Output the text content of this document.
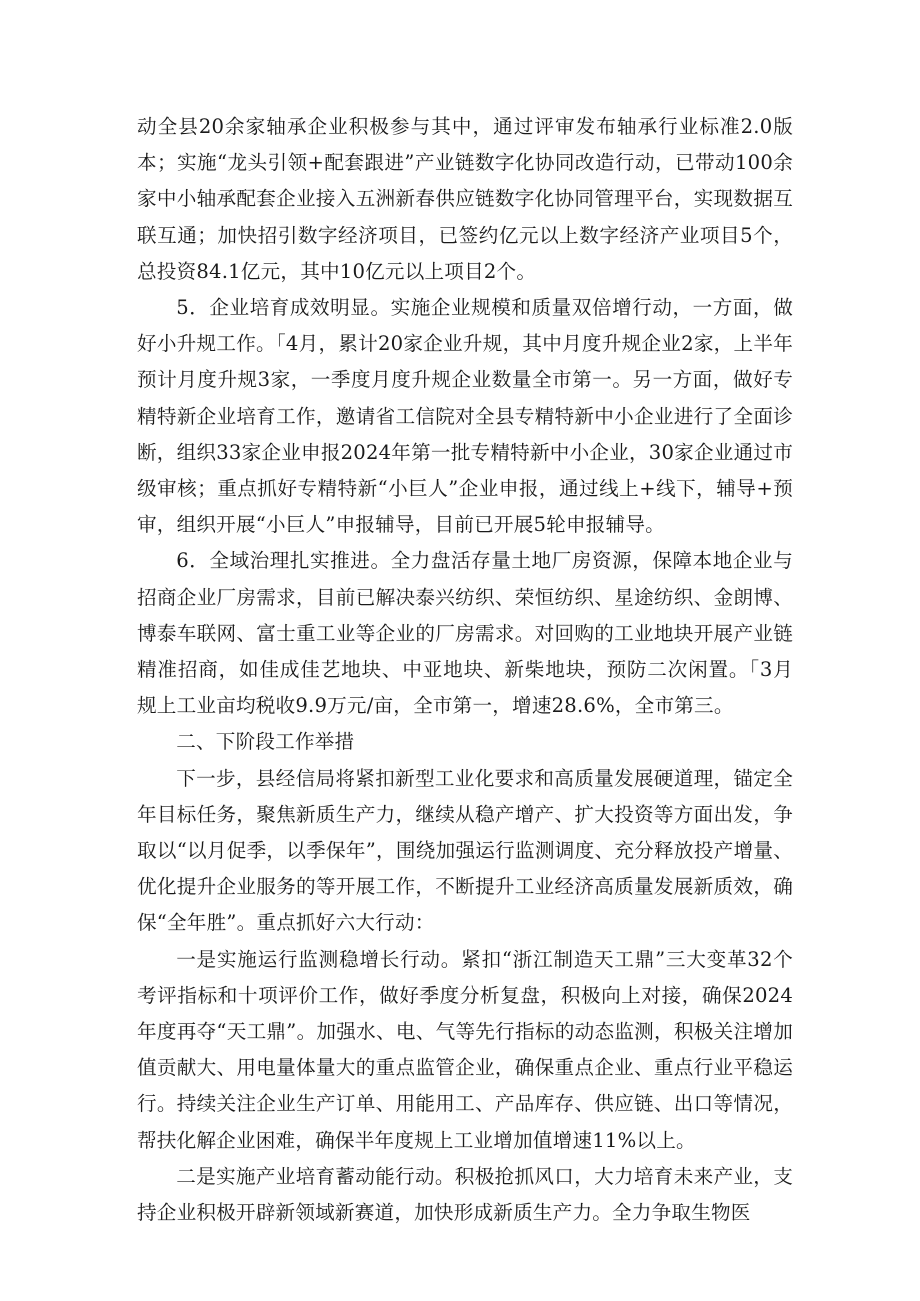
动全县20余家轴承企业积极参与其中，通过评审发布轴承行业标准2.0版本；实施“龙头引领+配套跟进”产业链数字化协同改造行动，已带动100余家中小轴承配套企业接入五洲新春供应链数字化协同管理平台，实现数据互联互通；加快招引数字经济项目，已签约亿元以上数字经济产业项目5个，总投资84.1亿元，其中10亿元以上项目2个。

5．企业培育成效明显。实施企业规模和质量双倍增行动，一方面，做好小升规工作。「4月，累计20家企业升规，其中月度升规企业2家，上半年预计月度升规3家，一季度月度升规企业数量全市第一。另一方面，做好专精特新企业培育工作，邀请省工信院对全县专精特新中小企业进行了全面诊断，组织33家企业申报2024年第一批专精特新中小企业，30家企业通过市级审核；重点抓好专精特新“小巨人”企业申报，通过线上+线下，辅导+预审，组织开展“小巨人”申报辅导，目前已开展5轮申报辅导。

6．全域治理扎实推进。全力盘活存量土地厂房资源，保障本地企业与招商企业厂房需求，目前已解决泰兴纺织、荣恒纺织、星途纺织、金朗博、博泰车联网、富士重工业等企业的厂房需求。对回购的工业地块开展产业链精准招商，如佳成佳艺地块、中亚地块、新柴地块，预防二次闲置。「3月规上工业亩均税收9.9万元/亩，全市第一，增速28.6%，全市第三。

二、下阶段工作举措

下一步，县经信局将紧扣新型工业化要求和高质量发展硬道理，锚定全年目标任务，聚焦新质生产力，继续从稳产增产、扩大投资等方面出发，争取以“以月促季，以季保年”，围绕加强运行监测调度、充分释放投产增量、优化提升企业服务的等开展工作，不断提升工业经济高质量发展新质效，确保“全年胜”。重点抓好六大行动：

一是实施运行监测稳增长行动。紧扣“浙江制造天工鼎”三大变革32个考评指标和十项评价工作，做好季度分析复盘，积极向上对接，确保2024年度再夺“天工鼎”。加强水、电、气等先行指标的动态监测，积极关注增加值贡献大、用电量体量大的重点监管企业，确保重点企业、重点行业平稳运行。持续关注企业生产订单、用能用工、产品库存、供应链、出口等情况，帮扶化解企业困难，确保半年度规上工业增加值增速11%以上。

二是实施产业培育蓄动能行动。积极抢抓风口，大力培育未来产业，支持企业积极开辟新领域新赛道，加快形成新质生产力。全力争取生物医
